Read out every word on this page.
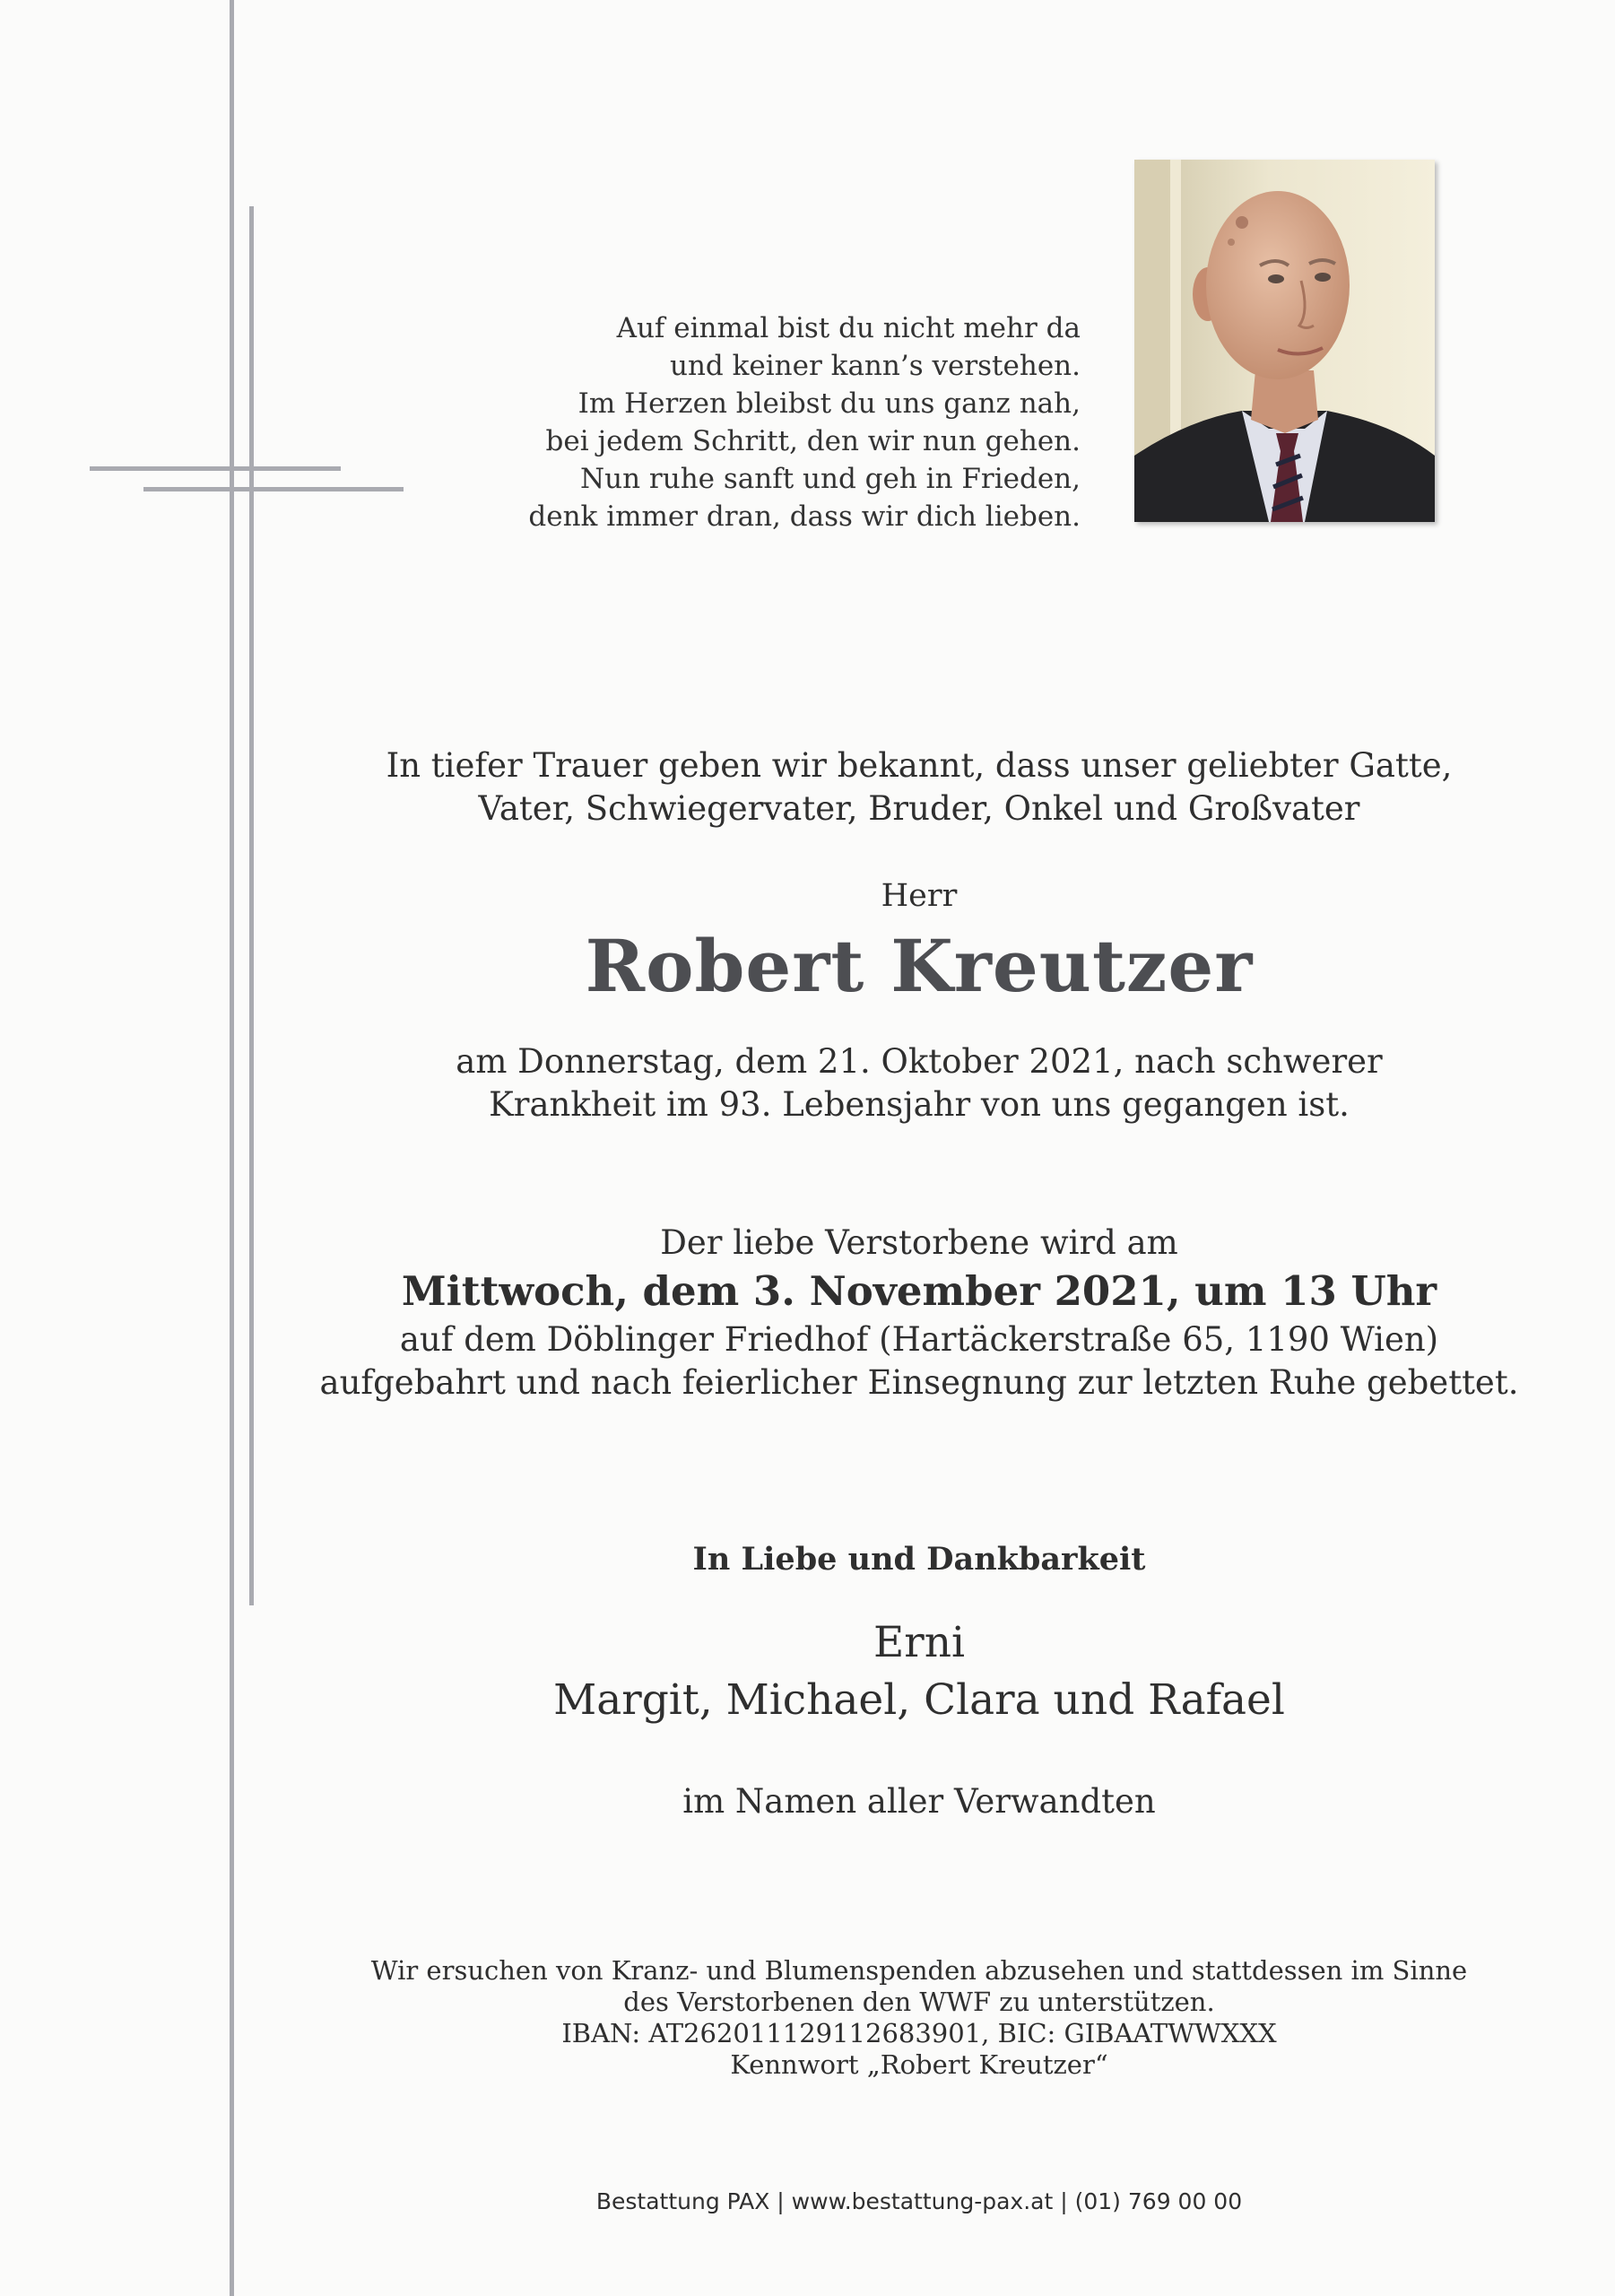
Auf einmal bist du nicht mehr da
und keiner kann’s verstehen.
Im Herzen bleibst du uns ganz nah,
bei jedem Schritt, den wir nun gehen.
Nun ruhe sanft und geh in Frieden,
denk immer dran, dass wir dich lieben.
In tiefer Trauer geben wir bekannt, dass unser geliebter Gatte,
Vater, Schwiegervater, Bruder, Onkel und Großvater
Herr
Robert Kreutzer
am Donnerstag, dem 21. Oktober 2021, nach schwerer
Krankheit im 93. Lebensjahr von uns gegangen ist.
Der liebe Verstorbene wird am
Mittwoch, dem 3. November 2021, um 13 Uhr
auf dem Döblinger Friedhof (Hartäckerstraße 65, 1190 Wien)
aufgebahrt und nach feierlicher Einsegnung zur letzten Ruhe gebettet.
In Liebe und Dankbarkeit
Erni
Margit, Michael, Clara und Rafael
im Namen aller Verwandten
Wir ersuchen von Kranz- und Blumenspenden abzusehen und stattdessen im Sinne
des Verstorbenen den WWF zu unterstützen.
IBAN: AT262011129112683901, BIC: GIBAATWWXXX
Kennwort „Robert Kreutzer“
Bestattung PAX | www.bestattung-pax.at | (01) 769 00 00
